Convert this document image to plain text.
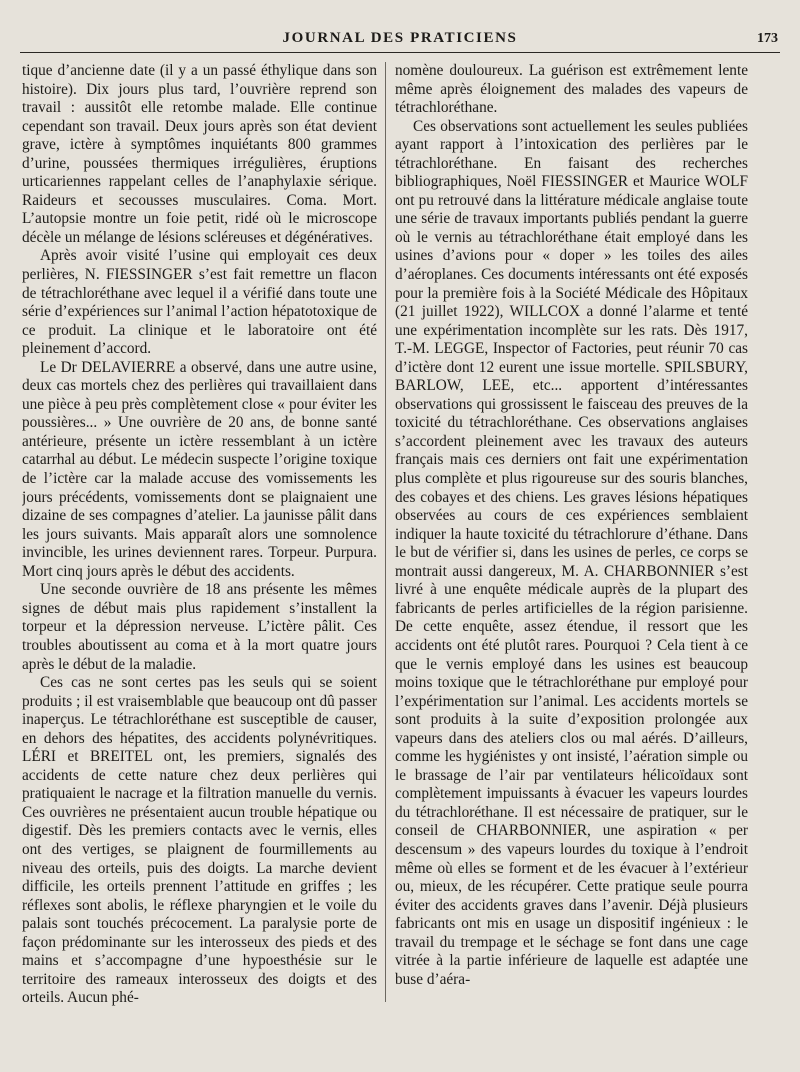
JOURNAL DES PRATICIENS	173

tique d’ancienne date (il y a un passé éthylique dans son histoire). Dix jours plus tard, l’ouvrière reprend son travail : aussitôt elle retombe malade. Elle continue cependant son travail. Deux jours après son état devient grave, ictère à symptômes inquiétants 800 grammes d’urine, poussées thermiques irrégulières, éruptions urticariennes rappelant celles de l’anaphylaxie sérique. Raideurs et secousses musculaires. Coma. Mort. L’autopsie montre un foie petit, ridé où le microscope décèle un mélange de lésions scléreuses et dégénératives.

Après avoir visité l’usine qui employait ces deux perlières, N. FIESSINGER s’est fait remettre un flacon de tétrachloréthane avec lequel il a vérifié dans toute une série d’expériences sur l’animal l’action hépatotoxique de ce produit. La clinique et le laboratoire ont été pleinement d’accord.

Le Dr DELAVIERRE a observé, dans une autre usine, deux cas mortels chez des perlières qui travaillaient dans une pièce à peu près complètement close « pour éviter les poussières... » Une ouvrière de 20 ans, de bonne santé antérieure, présente un ictère ressemblant à un ictère catarrhal au début. Le médecin suspecte l’origine toxique de l’ictère car la malade accuse des vomissements les jours précédents, vomissements dont se plaignaient une dizaine de ses compagnes d’atelier. La jaunisse pâlit dans les jours suivants. Mais apparaît alors une somnolence invincible, les urines deviennent rares. Torpeur. Purpura. Mort cinq jours après le début des accidents.

Une seconde ouvrière de 18 ans présente les mêmes signes de début mais plus rapidement s’installent la torpeur et la dépression nerveuse. L’ictère pâlit. Ces troubles aboutissent au coma et à la mort quatre jours après le début de la maladie.

Ces cas ne sont certes pas les seuls qui se soient produits ; il est vraisemblable que beaucoup ont dû passer inaperçus. Le tétrachloréthane est susceptible de causer, en dehors des hépatites, des accidents polynévritiques. LÉRI et BREITEL ont, les premiers, signalés des accidents de cette nature chez deux perlières qui pratiquaient le nacrage et la filtration manuelle du vernis. Ces ouvrières ne présentaient aucun trouble hépatique ou digestif. Dès les premiers contacts avec le vernis, elles ont des vertiges, se plaignent de fourmillements au niveau des orteils, puis des doigts. La marche devient difficile, les orteils prennent l’attitude en griffes ; les réflexes sont abolis, le réflexe pharyngien et le voile du palais sont touchés précocement. La paralysie porte de façon prédominante sur les interosseux des pieds et des mains et s’accompagne d’une hypoesthésie sur le territoire des rameaux interosseux des doigts et des orteils. Aucun phé-

nomène douloureux. La guérison est extrêmement lente même après éloignement des malades des vapeurs de tétrachloréthane.

Ces observations sont actuellement les seules publiées ayant rapport à l’intoxication des perlières par le tétrachloréthane. En faisant des recherches bibliographiques, Noël FIESSINGER et Maurice WOLF ont pu retrouvé dans la littérature médicale anglaise toute une série de travaux importants publiés pendant la guerre où le vernis au tétrachloréthane était employé dans les usines d’avions pour « doper » les toiles des ailes d’aéroplanes. Ces documents intéressants ont été exposés pour la première fois à la Société Médicale des Hôpitaux (21 juillet 1922), WILLCOX a donné l’alarme et tenté une expérimentation incomplète sur les rats. Dès 1917, T.-M. LEGGE, Inspector of Factories, peut réunir 70 cas d’ictère dont 12 eurent une issue mortelle. SPILSBURY, BARLOW, LEE, etc... apportent d’intéressantes observations qui grossissent le faisceau des preuves de la toxicité du tétrachloréthane. Ces observations anglaises s’accordent pleinement avec les travaux des auteurs français mais ces derniers ont fait une expérimentation plus complète et plus rigoureuse sur des souris blanches, des cobayes et des chiens. Les graves lésions hépatiques observées au cours de ces expériences semblaient indiquer la haute toxicité du tétrachlorure d’éthane. Dans le but de vérifier si, dans les usines de perles, ce corps se montrait aussi dangereux, M. A. CHARBONNIER s’est livré à une enquête médicale auprès de la plupart des fabricants de perles artificielles de la région parisienne. De cette enquête, assez étendue, il ressort que les accidents ont été plutôt rares. Pourquoi ? Cela tient à ce que le vernis employé dans les usines est beaucoup moins toxique que le tétrachloréthane pur employé pour l’expérimentation sur l’animal. Les accidents mortels se sont produits à la suite d’exposition prolongée aux vapeurs dans des ateliers clos ou mal aérés. D’ailleurs, comme les hygiénistes y ont insisté, l’aération simple ou le brassage de l’air par ventilateurs hélicoïdaux sont complètement impuissants à évacuer les vapeurs lourdes du tétrachloréthane. Il est nécessaire de pratiquer, sur le conseil de CHARBONNIER, une aspiration « per descensum » des vapeurs lourdes du toxique à l’endroit même où elles se forment et de les évacuer à l’extérieur ou, mieux, de les récupérer. Cette pratique seule pourra éviter des accidents graves dans l’avenir. Déjà plusieurs fabricants ont mis en usage un dispositif ingénieux : le travail du trempage et le séchage se font dans une cage vitrée à la partie inférieure de laquelle est adaptée une buse d’aéra-
